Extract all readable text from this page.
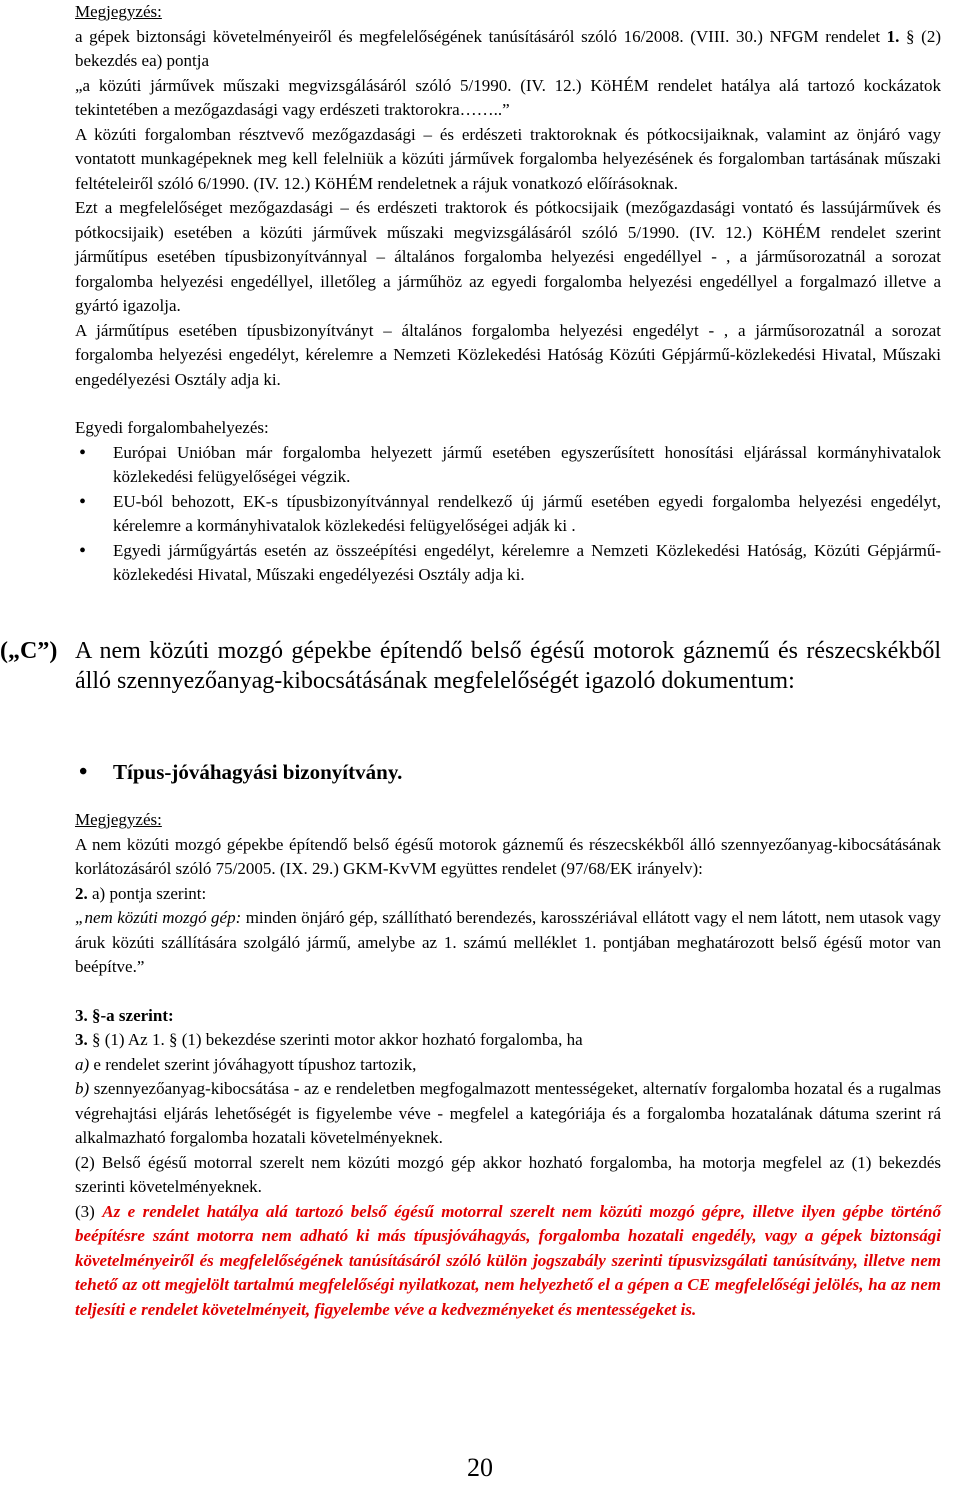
Megjegyzés:

a gépek biztonsági követelményeiről és megfelelőségének tanúsításáról szóló 16/2008. (VIII. 30.) NFGM rendelet 1. § (2) bekezdés ea) pontja

„a közúti járművek műszaki megvizsgálásáról szóló 5/1990. (IV. 12.) KöHÉM rendelet hatálya alá tartozó kockázatok tekintetében a mezőgazdasági vagy erdészeti traktorokra……..”

A közúti forgalomban résztvevő mezőgazdasági – és erdészeti traktoroknak és pótkocsijaiknak, valamint az önjáró vagy vontatott munkagépeknek meg kell felelniük a közúti járművek forgalomba helyezésének és forgalomban tartásának műszaki feltételeiről szóló 6/1990. (IV. 12.) KöHÉM rendeletnek a rájuk vonatkozó előírásoknak.

Ezt a megfelelőséget mezőgazdasági – és erdészeti traktorok és pótkocsijaik (mezőgazdasági vontató és lassújárművek és pótkocsijaik) esetében a közúti járművek műszaki megvizsgálásáról szóló 5/1990. (IV. 12.) KöHÉM rendelet szerint járműtípus esetében típusbizonyítvánnyal – általános forgalomba helyezési engedéllyel - , a járműsorozatnál a sorozat forgalomba helyezési engedéllyel, illetőleg a járműhöz az egyedi forgalomba helyezési engedéllyel a forgalmazó illetve a gyártó igazolja.

A járműtípus esetében típusbizonyítványt – általános forgalomba helyezési engedélyt - , a járműsorozatnál a sorozat forgalomba helyezési engedélyt, kérelemre a Nemzeti Közlekedési Hatóság Közúti Gépjármű-közlekedési Hivatal, Műszaki engedélyezési Osztály adja ki.

Egyedi forgalombahelyezés:

• Európai Unióban már forgalomba helyezett jármű esetében egyszerűsített honosítási eljárással kormányhivatalok közlekedési felügyelőségei végzik.
• EU-ból behozott, EK-s típusbizonyítvánnyal rendelkező új jármű esetében egyedi forgalomba helyezési engedélyt, kérelemre a kormányhivatalok közlekedési felügyelőségei adják ki .
• Egyedi járműgyártás esetén az összeépítési engedélyt, kérelemre a Nemzeti Közlekedési Hatóság, Közúti Gépjármű-közlekedési Hivatal, Műszaki engedélyezési Osztály adja ki.
(„C”) A nem közúti mozgó gépekbe építendő belső égésű motorok gáznemű és részecskékből álló szennyezőanyag-kibocsátásának megfelelőségét igazoló dokumentum:
• Típus-jóváhagyási bizonyítvány.

Megjegyzés:

A nem közúti mozgó gépekbe építendő belső égésű motorok gáznemű és részecskékből álló szennyezőanyag-kibocsátásának korlátozásáról szóló 75/2005. (IX. 29.) GKM-KvVM együttes rendelet (97/68/EK irányelv):

2. a) pontja szerint:

„nem közúti mozgó gép: minden önjáró gép, szállítható berendezés, karosszériával ellátott vagy el nem látott, nem utasok vagy áruk közúti szállítására szolgáló jármű, amelybe az 1. számú melléklet 1. pontjában meghatározott belső égésű motor van beépítve.”

3. §-a szerint:

3. § (1) Az 1. § (1) bekezdése szerinti motor akkor hozható forgalomba, ha

a) e rendelet szerint jóváhagyott típushoz tartozik,

b) szennyezőanyag-kibocsátása - az e rendeletben megfogalmazott mentességeket, alternatív forgalomba hozatal és a rugalmas végrehajtási eljárás lehetőségét is figyelembe véve - megfelel a kategóriája és a forgalomba hozatalának dátuma szerint rá alkalmazható forgalomba hozatali követelményeknek.

(2) Belső égésű motorral szerelt nem közúti mozgó gép akkor hozható forgalomba, ha motorja megfelel az (1) bekezdés szerinti követelményeknek.

(3) Az e rendelet hatálya alá tartozó belső égésű motorral szerelt nem közúti mozgó gépre, illetve ilyen gépbe történő beépítésre szánt motorra nem adható ki más típusjóváhagyás, forgalomba hozatali engedély, vagy a gépek biztonsági követelményeiről és megfelelőségének tanúsításáról szóló külön jogszabály szerinti típusvizsgálati tanúsítvány, illetve nem tehető az ott megjelölt tartalmú megfelelőségi nyilatkozat, nem helyezhető el a gépen a CE megfelelőségi jelölés, ha az nem teljesíti e rendelet követelményeit, figyelembe véve a kedvezményeket és mentességeket is.

20
